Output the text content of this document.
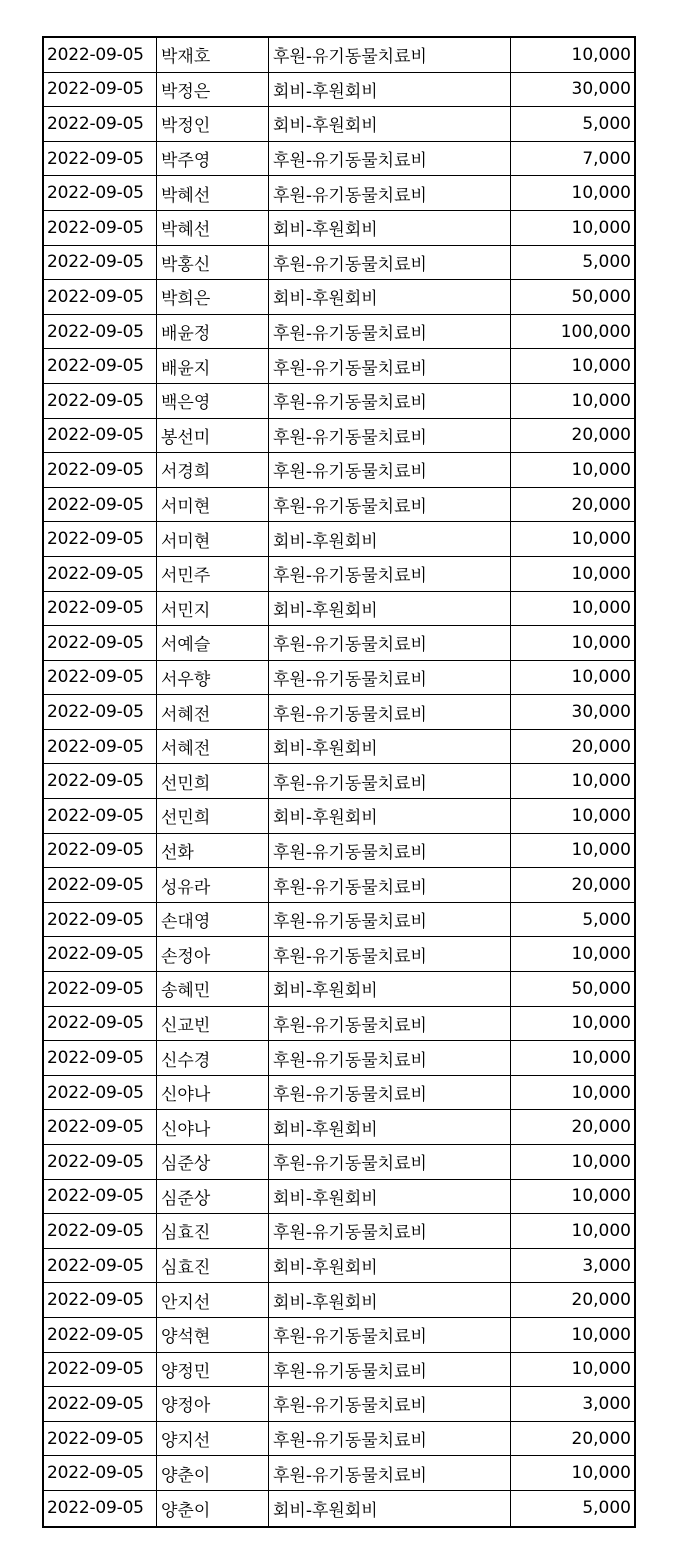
2022-09-05	박재호	후원-유기동물치료비	10,000
2022-09-05	박정은	회비-후원회비	30,000
2022-09-05	박정인	회비-후원회비	5,000
2022-09-05	박주영	후원-유기동물치료비	7,000
2022-09-05	박혜선	후원-유기동물치료비	10,000
2022-09-05	박혜선	회비-후원회비	10,000
2022-09-05	박홍신	후원-유기동물치료비	5,000
2022-09-05	박희은	회비-후원회비	50,000
2022-09-05	배윤정	후원-유기동물치료비	100,000
2022-09-05	배윤지	후원-유기동물치료비	10,000
2022-09-05	백은영	후원-유기동물치료비	10,000
2022-09-05	봉선미	후원-유기동물치료비	20,000
2022-09-05	서경희	후원-유기동물치료비	10,000
2022-09-05	서미현	후원-유기동물치료비	20,000
2022-09-05	서미현	회비-후원회비	10,000
2022-09-05	서민주	후원-유기동물치료비	10,000
2022-09-05	서민지	회비-후원회비	10,000
2022-09-05	서예슬	후원-유기동물치료비	10,000
2022-09-05	서우향	후원-유기동물치료비	10,000
2022-09-05	서혜전	후원-유기동물치료비	30,000
2022-09-05	서혜전	회비-후원회비	20,000
2022-09-05	선민희	후원-유기동물치료비	10,000
2022-09-05	선민희	회비-후원회비	10,000
2022-09-05	선화	후원-유기동물치료비	10,000
2022-09-05	성유라	후원-유기동물치료비	20,000
2022-09-05	손대영	후원-유기동물치료비	5,000
2022-09-05	손정아	후원-유기동물치료비	10,000
2022-09-05	송혜민	회비-후원회비	50,000
2022-09-05	신교빈	후원-유기동물치료비	10,000
2022-09-05	신수경	후원-유기동물치료비	10,000
2022-09-05	신야나	후원-유기동물치료비	10,000
2022-09-05	신야나	회비-후원회비	20,000
2022-09-05	심준상	후원-유기동물치료비	10,000
2022-09-05	심준상	회비-후원회비	10,000
2022-09-05	심효진	후원-유기동물치료비	10,000
2022-09-05	심효진	회비-후원회비	3,000
2022-09-05	안지선	회비-후원회비	20,000
2022-09-05	양석현	후원-유기동물치료비	10,000
2022-09-05	양정민	후원-유기동물치료비	10,000
2022-09-05	양정아	후원-유기동물치료비	3,000
2022-09-05	양지선	후원-유기동물치료비	20,000
2022-09-05	양춘이	후원-유기동물치료비	10,000
2022-09-05	양춘이	회비-후원회비	5,000
